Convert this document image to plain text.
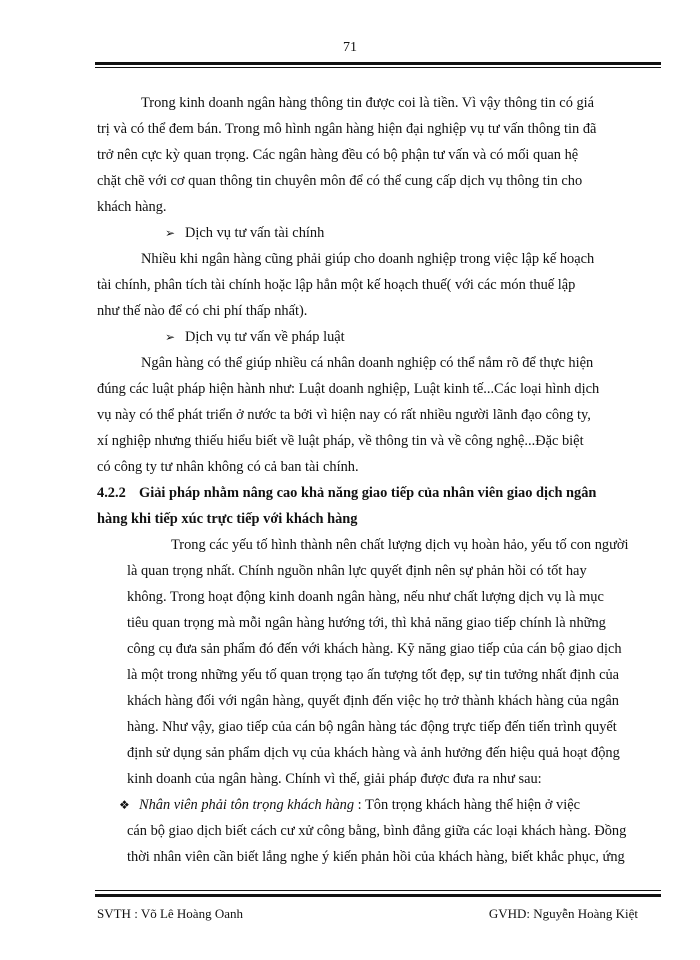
71

Trong kinh doanh ngân hàng thông tin được coi là tiền. Vì vậy thông tin có giá
trị và có thể đem bán. Trong mô hình ngân hàng hiện đại nghiệp vụ tư vấn thông tin đã
trở nên cực kỳ quan trọng. Các ngân hàng đều có bộ phận tư vấn và có mối quan hệ
chặt chẽ với cơ quan thông tin chuyên môn để có thể cung cấp dịch vụ thông tin cho
khách hàng.

➢ Dịch vụ tư vấn tài chính

Nhiều khi ngân hàng cũng phải giúp cho doanh nghiệp trong việc lập kế hoạch
tài chính, phân tích tài chính hoặc lập hẳn một kế hoạch thuế( với các món thuế lập
như thế nào để có chi phí thấp nhất).

➢ Dịch vụ tư vấn về pháp luật

Ngân hàng có thể giúp nhiều cá nhân doanh nghiệp có thể nắm rõ để thực hiện
đúng các luật pháp hiện hành như: Luật doanh nghiệp, Luật kinh tế...Các loại hình dịch
vụ này có thể phát triển ở nước ta bởi vì hiện nay có rất nhiều người lãnh đạo công ty,
xí nghiệp nhưng thiếu hiểu biết về luật pháp, về thông tin và về công nghệ...Đặc biệt
có công ty tư nhân không có cả ban tài chính.

4.2.2 Giải pháp nhằm nâng cao khả năng giao tiếp của nhân viên giao dịch ngân
hàng khi tiếp xúc trực tiếp với khách hàng

Trong các yếu tố hình thành nên chất lượng dịch vụ hoàn hảo, yếu tố con người
là quan trọng nhất. Chính nguồn nhân lực quyết định nên sự phản hồi có tốt hay
không. Trong hoạt động kinh doanh ngân hàng, nếu như chất lượng dịch vụ là mục
tiêu quan trọng mà mỗi ngân hàng hướng tới, thì khả năng giao tiếp chính là những
công cụ đưa sản phẩm đó đến với khách hàng. Kỹ năng giao tiếp của cán bộ giao dịch
là một trong những yếu tố quan trọng tạo ấn tượng tốt đẹp, sự tin tưởng nhất định của
khách hàng đối với ngân hàng, quyết định đến việc họ trở thành khách hàng của ngân
hàng. Như vậy, giao tiếp của cán bộ ngân hàng tác động trực tiếp đến tiến trình quyết
định sử dụng sản phẩm dịch vụ của khách hàng và ảnh hưởng đến hiệu quả hoạt động
kinh doanh của ngân hàng. Chính vì thế, giải pháp được đưa ra như sau:

❖ Nhân viên phải tôn trọng khách hàng : Tôn trọng khách hàng thể hiện ở việc
cán bộ giao dịch biết cách cư xử công bằng, bình đẳng giữa các loại khách hàng. Đồng
thời nhân viên cần biết lắng nghe ý kiến phản hồi của khách hàng, biết khắc phục, ứng

SVTH : Võ Lê Hoàng Oanh	GVHD: Nguyễn Hoàng Kiệt
